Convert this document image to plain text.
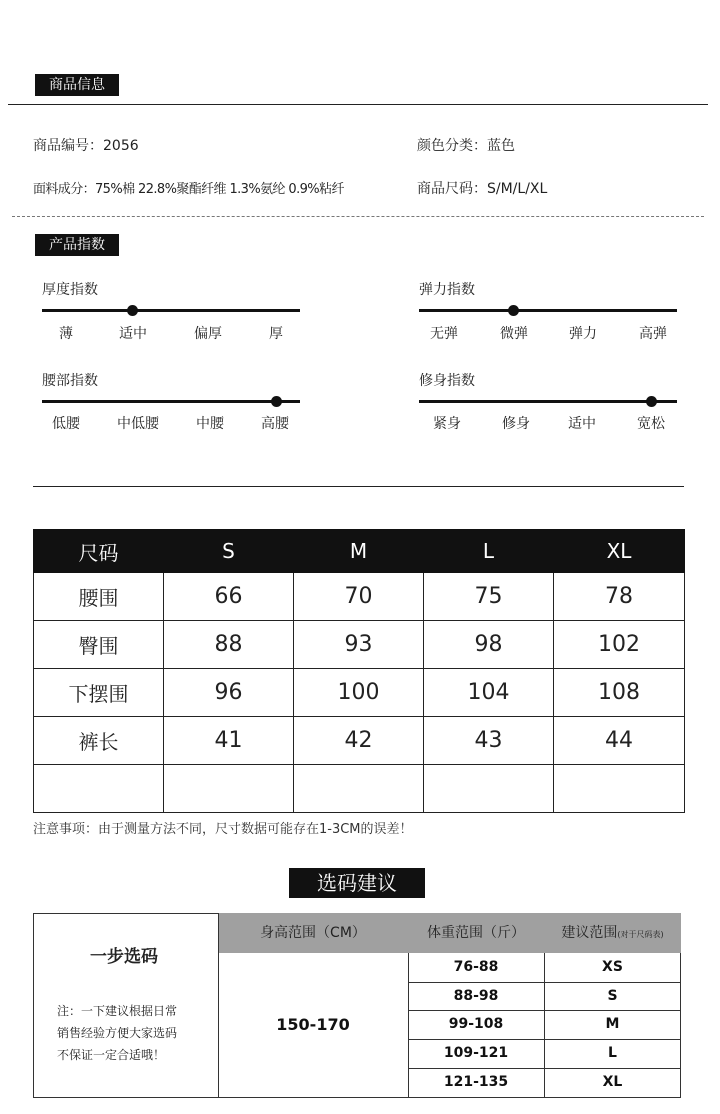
商品信息
商品编号：2056	颜色分类：蓝色
面料成分：75%棉 22.8%聚酯纤维 1.3%氨纶 0.9%粘纤	商品尺码：S/M/L/XL
产品指数
厚度指数
薄	适中	偏厚	厚
弹力指数
无弹	微弹	弹力	高弹
腰部指数
低腰	中低腰	中腰	高腰
修身指数
紧身	修身	适中	宽松
尺码	S	M	L	XL
腰围	66	70	75	78
臀围	88	93	98	102
下摆围	96	100	104	108
裤长	41	42	43	44

注意事项：由于测量方法不同，尺寸数据可能存在1-3CM的误差！
选码建议
身高范围（CM）	体重范围（斤）	建议范围(对于尺码表)
一步选码
注：一下建议根据日常
销售经验方便大家选码
不保证一定合适哦！
150-170
76-88	XS
88-98	S
99-108	M
109-121	L
121-135	XL
